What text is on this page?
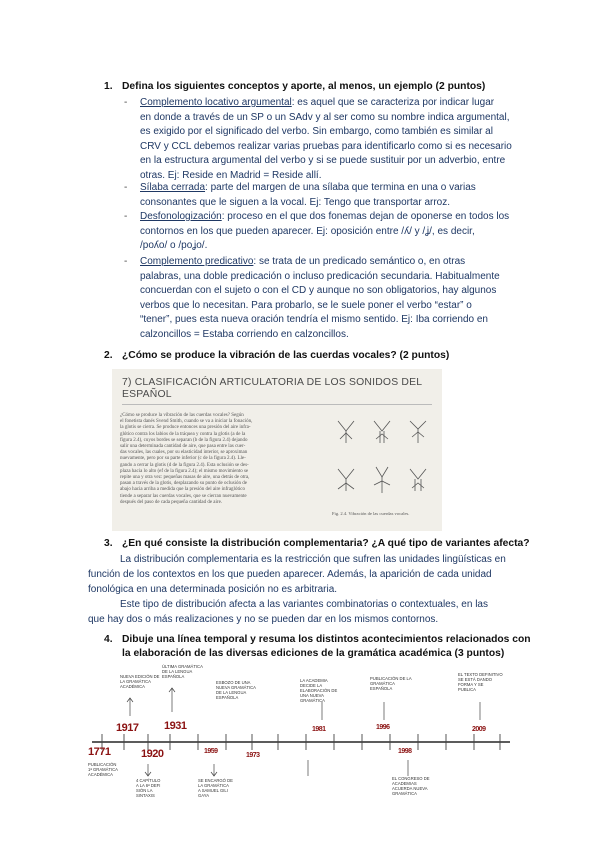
1. Defina los siguientes conceptos y aporte, al menos, un ejemplo (2 puntos)
- Complemento locativo argumental: es aquel que se caracteriza por indicar lugar
en donde a través de un SP o un SAdv y al ser como su nombre indica argumental,
es exigido por el significado del verbo. Sin embargo, como también es similar al
CRV y CCL debemos realizar varias pruebas para identificarlo como si es necesario
en la estructura argumental del verbo y si se puede sustituir por un adverbio, entre
otras. Ej: Reside en Madrid = Reside allí.
- Sílaba cerrada: parte del margen de una sílaba que termina en una o varias
consonantes que le siguen a la vocal. Ej: Tengo que transportar arroz.
- Desfonologización: proceso en el que dos fonemas dejan de oponerse en todos los
contornos en los que pueden aparecer. Ej: oposición entre /ʎ/ y /ʝ/, es decir,
/poʎo/ o /poʝo/.
- Complemento predicativo: se trata de un predicado semántico o, en otras
palabras, una doble predicación o incluso predicación secundaria. Habitualmente
concuerdan con el sujeto o con el CD y aunque no son obligatorios, hay algunos
verbos que lo necesitan. Para probarlo, se le suele poner el verbo “estar” o
“tener”, pues esta nueva oración tendría el mismo sentido. Ej: Iba corriendo en
calzoncillos = Estaba corriendo en calzoncillos.
2. ¿Cómo se produce la vibración de las cuerdas vocales? (2 puntos)
7) CLASIFICACIÓN ARTICULATORIA DE LOS SONIDOS DEL
ESPAÑOL
¿Cómo se produce la vibración de las cuerdas vocales? Según
el fonetista danés Svend Smith, cuando se va a iniciar la fonación,
la glotis se cierra. Se produce entonces una presión del aire infra-
glótico contra los labios de la tráquea y contra la glotis (a de la
figura 2.4), cuyos bordes se separan (b de la figura 2.4) dejando
salir una determinada cantidad de aire, que pasa entre las cuer-
das vocales, las cuales, por su elasticidad interior, se aproximan
nuevamente, pero por su parte inferior (c de la figura 2.4). Lle-
gando a cerrar la glotis (d de la figura 2.4). Esta oclusión se des-
plaza hacia lo alto (ef de la figura 2.4); el mismo movimiento se
repite una y otra vez: pequeñas masas de aire, una detrás de otra,
pasan a través de la glotis, desplazando su punto de oclusión de
abajo hacia arriba a medida que la presión del aire infraglótico
tiende a separar las cuerdas vocales, que se cierran nuevamente
después del paso de cada pequeña cantidad de aire.
Fig. 2.4. Vibración de las cuerdas vocales.
3. ¿En qué consiste la distribución complementaria? ¿A qué tipo de variantes afecta?
La distribución complementaria es la restricción que sufren las unidades lingüísticas en
función de los contextos en los que pueden aparecer. Además, la aparición de cada unidad
fonológica en una determinada posición no es arbitraria.
Este tipo de distribución afecta a las variantes combinatorias o contextuales, en las
que hay dos o más realizaciones y no se pueden dar en los mismos contornos.
4. Dibuje una línea temporal y resuma los distintos acontecimientos relacionados con
la elaboración de las diversas ediciones de la gramática académica (3 puntos)
1771
1917
1920
1931
1959
1973
1981	1996
1998
2009
PUBLICACIÓN
1ª GRAMÁTICA
ACADÉMICA
NUEVA EDICIÓN DE
LA GRAMÁTICA
ACADÉMICA
4 CAPÍTULO
A LA 6ª DEFI
SIÓN LA
SINTAXIS
ÚLTIMA GRAMÁTICA
DE LA LENGUA
ESPAÑOLA
SE ENCARGÓ DE
LA GRAMÁTICA
A SAMUEL GILI
GAYA
ESBOZO DE UNA
NUEVA GRAMÁTICA
DE LA LENGUA
ESPAÑOLA
LA ACADEMIA
DECIDE LA
ELABORACIÓN DE
UNA NUEVA
GRAMÁTICA
PUBLICACIÓN DE LA
GRAMÁTICA
ESPAÑOLA
EL CONGRESO DE
ACADEMIAS
ACUERDA NUEVA
GRAMÁTICA
EL TEXTO DEFINITIVO
SE ESTÁ DANDO
FORMA Y SE
PUBLICA
